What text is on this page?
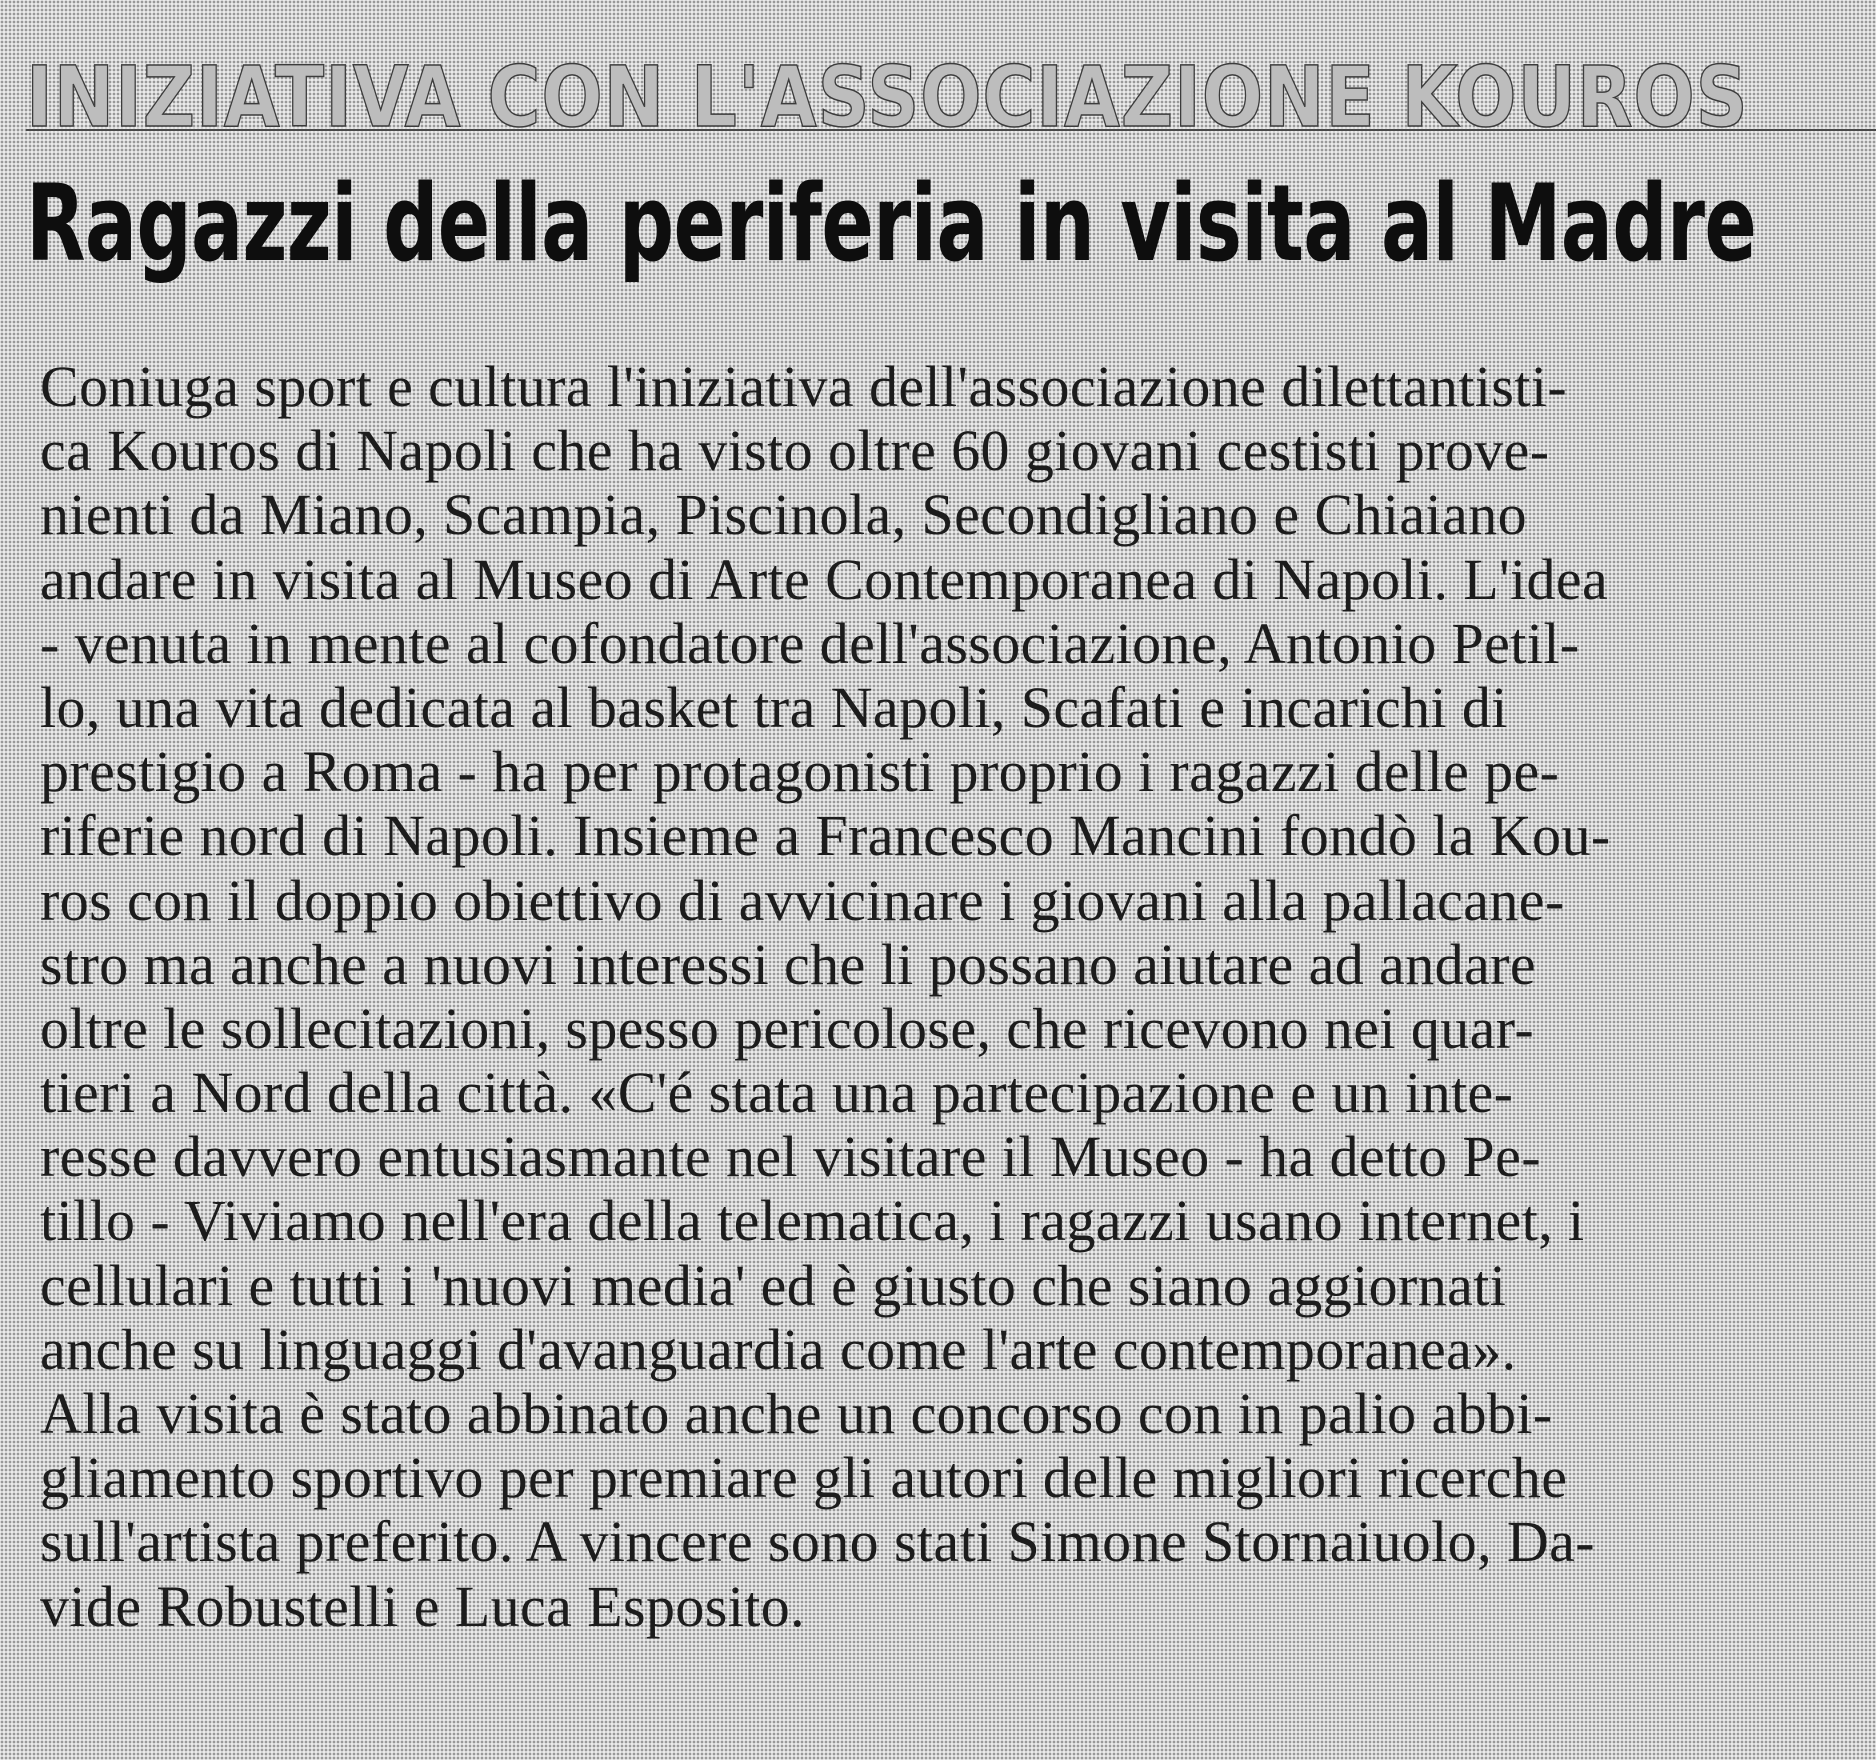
INIZIATIVA CON L'ASSOCIAZIONE KOUROS
Ragazzi della periferia in visita al Madre
Coniuga sport e cultura l'iniziativa dell'associazione dilettantisti-
ca Kouros di Napoli che ha visto oltre 60 giovani cestisti prove-
nienti da Miano, Scampia, Piscinola, Secondigliano e Chiaiano
andare in visita al Museo di Arte Contemporanea di Napoli. L'idea
- venuta in mente al cofondatore dell'associazione, Antonio Petil-
lo, una vita dedicata al basket tra Napoli, Scafati e incarichi di
prestigio a Roma - ha per protagonisti proprio i ragazzi delle pe-
riferie nord di Napoli. Insieme a Francesco Mancini fondò la Kou-
ros con il doppio obiettivo di avvicinare i giovani alla pallacane-
stro ma anche a nuovi interessi che li possano aiutare ad andare
oltre le sollecitazioni, spesso pericolose, che ricevono nei quar-
tieri a Nord della città. «C'é stata una partecipazione e un inte-
resse davvero entusiasmante nel visitare il Museo - ha detto Pe-
tillo - Viviamo nell'era della telematica, i ragazzi usano internet, i
cellulari e tutti i 'nuovi media' ed è giusto che siano aggiornati
anche su linguaggi d'avanguardia come l'arte contemporanea».
Alla visita è stato abbinato anche un concorso con in palio abbi-
gliamento sportivo per premiare gli autori delle migliori ricerche
sull'artista preferito. A vincere sono stati Simone Stornaiuolo, Da-
vide Robustelli e Luca Esposito.
